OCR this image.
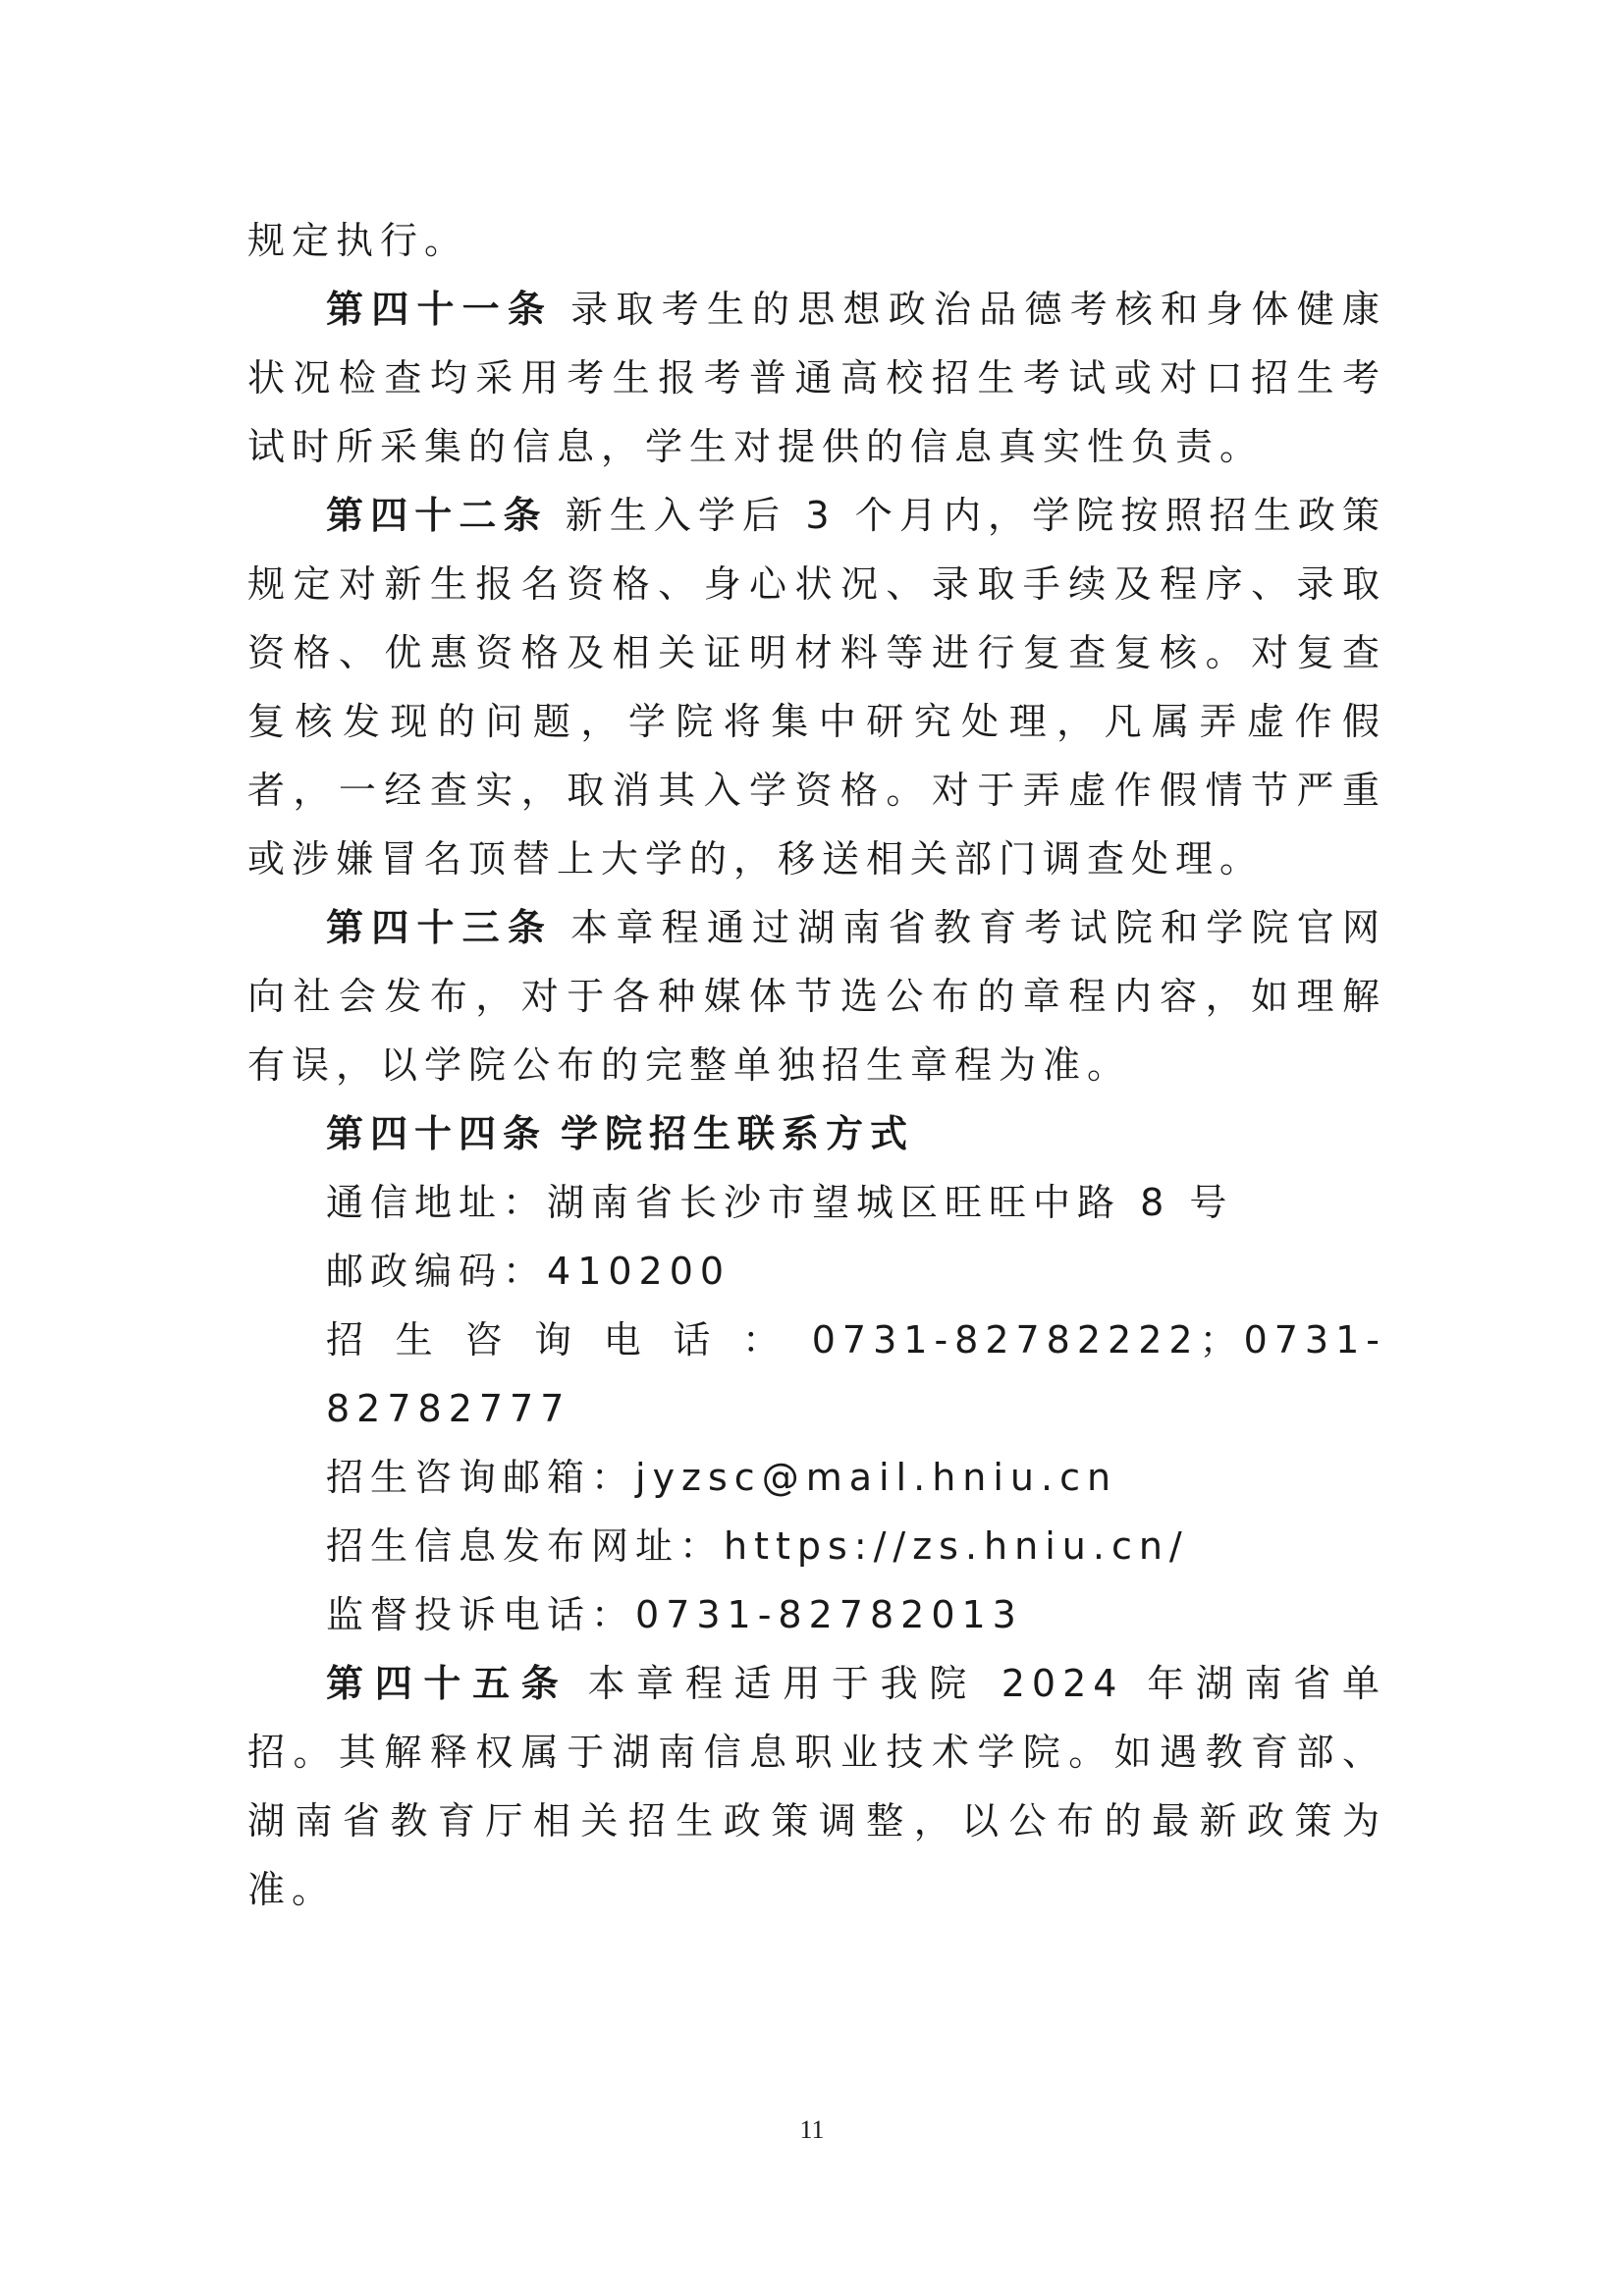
规定执行。

第四十一条 录取考生的思想政治品德考核和身体健康状况检查均采用考生报考普通高校招生考试或对口招生考试时所采集的信息，学生对提供的信息真实性负责。

第四十二条 新生入学后 3 个月内，学院按照招生政策规定对新生报名资格、身心状况、录取手续及程序、录取资格、优惠资格及相关证明材料等进行复查复核。对复查复核发现的问题，学院将集中研究处理，凡属弄虚作假者，一经查实，取消其入学资格。对于弄虚作假情节严重或涉嫌冒名顶替上大学的，移送相关部门调查处理。

第四十三条 本章程通过湖南省教育考试院和学院官网向社会发布，对于各种媒体节选公布的章程内容，如理解有误，以学院公布的完整单独招生章程为准。

第四十四条 学院招生联系方式

通信地址：湖南省长沙市望城区旺旺中路 8 号

邮政编码：410200

招生咨询电话：0731-82782222；0731-82782777

招生咨询邮箱：jyzsc@mail.hniu.cn

招生信息发布网址：https://zs.hniu.cn/

监督投诉电话：0731-82782013

第四十五条 本章程适用于我院 2024 年湖南省单招。其解释权属于湖南信息职业技术学院。如遇教育部、湖南省教育厅相关招生政策调整，以公布的最新政策为准。

11
